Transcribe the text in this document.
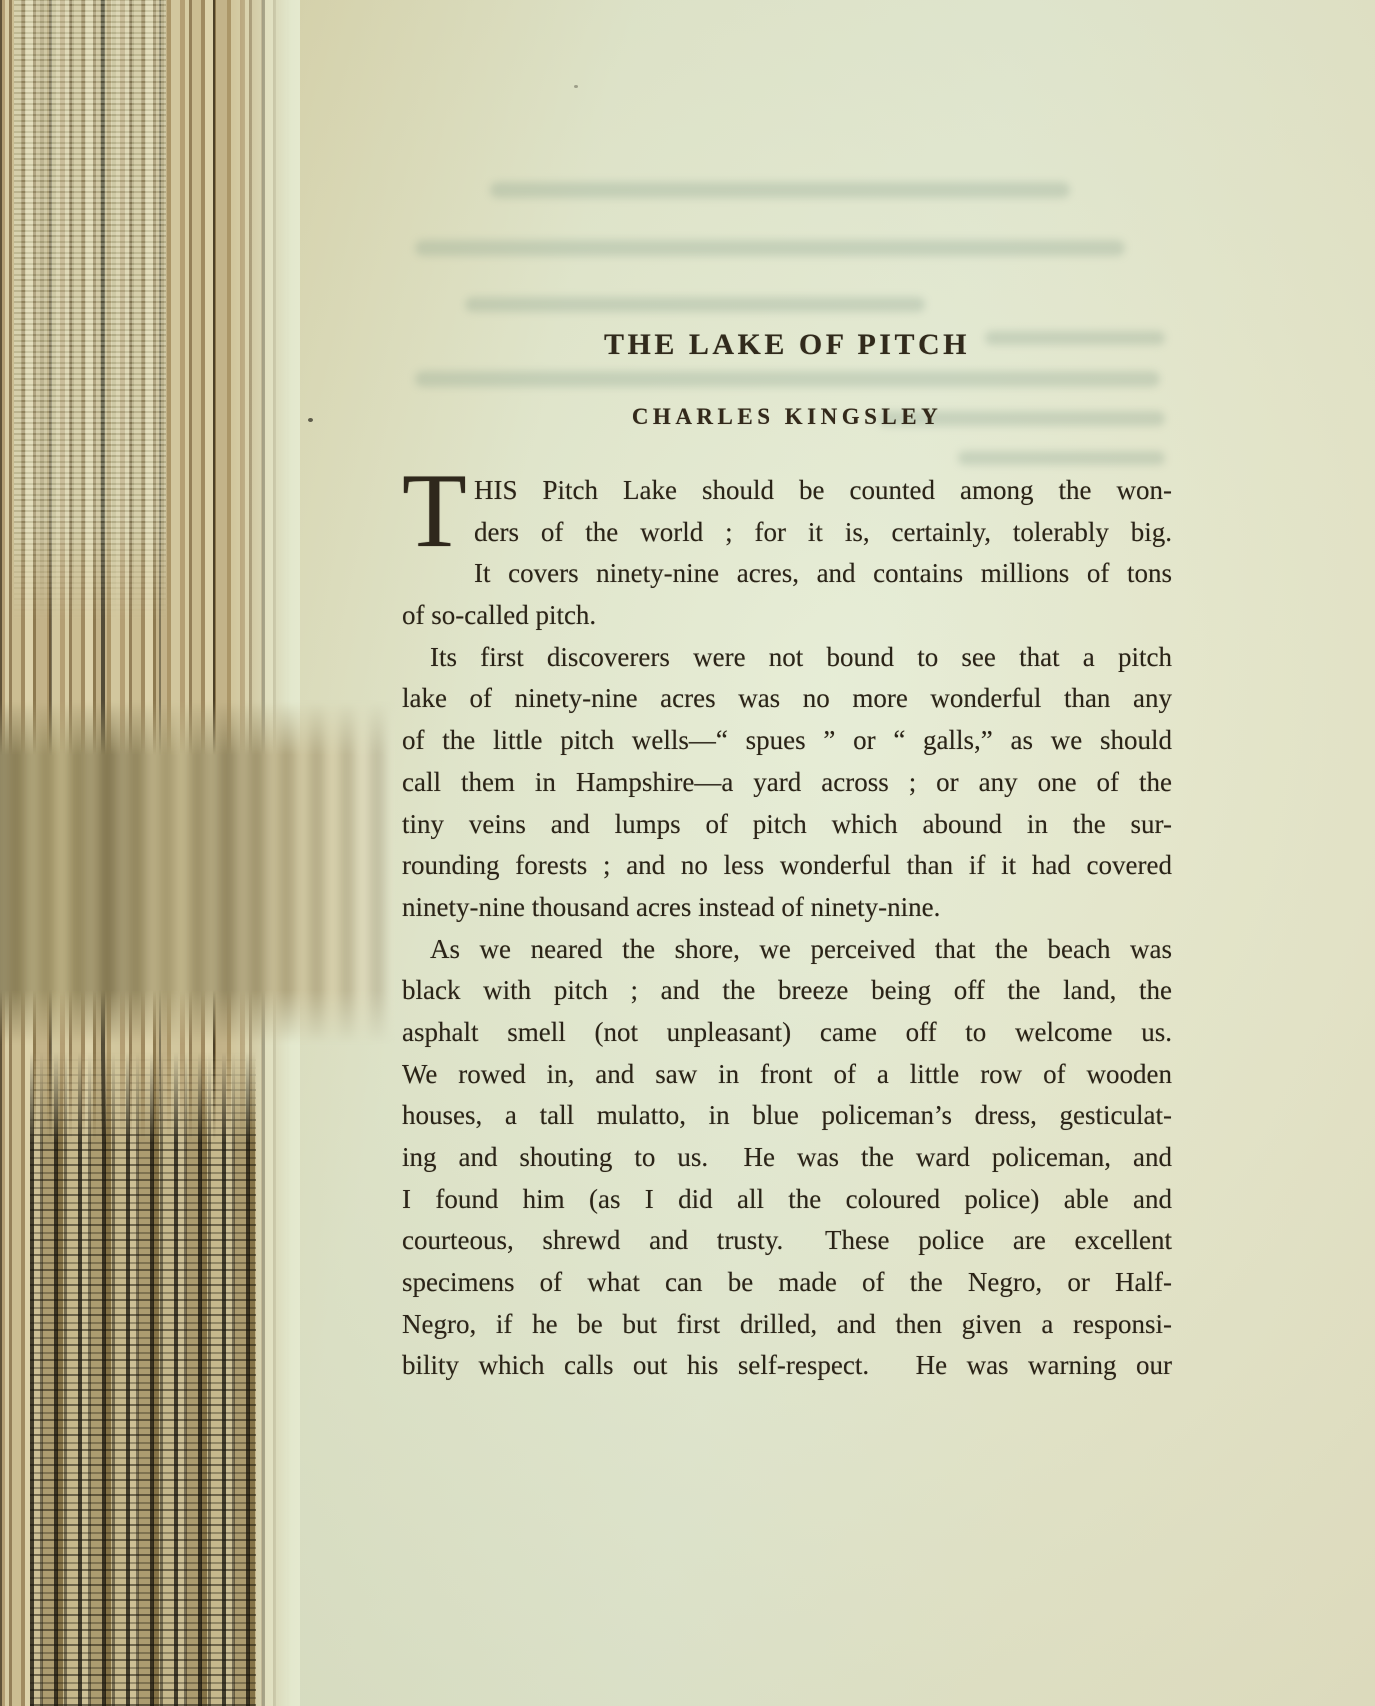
THE LAKE OF PITCH
CHARLES KINGSLEY
T HIS Pitch Lake should be counted among the won-
ders of the world ; for it is, certainly, tolerably big.
It covers ninety-nine acres, and contains millions of tons
of so-called pitch.
Its first discoverers were not bound to see that a pitch
lake of ninety-nine acres was no more wonderful than any
of the little pitch wells—“ spues ” or “ galls,” as we should
call them in Hampshire—a yard across ; or any one of the
tiny veins and lumps of pitch which abound in the sur-
rounding forests ; and no less wonderful than if it had covered
ninety-nine thousand acres instead of ninety-nine.
As we neared the shore, we perceived that the beach was
black with pitch ; and the breeze being off the land, the
asphalt smell (not unpleasant) came off to welcome us.
We rowed in, and saw in front of a little row of wooden
houses, a tall mulatto, in blue policeman’s dress, gesticulat-
ing and shouting to us.  He was the ward policeman, and
I found him (as I did all the coloured police) able and
courteous, shrewd and trusty.  These police are excellent
specimens of what can be made of the Negro, or Half-
Negro, if he be but first drilled, and then given a responsi-
bility which calls out his self-respect.   He was warning our
